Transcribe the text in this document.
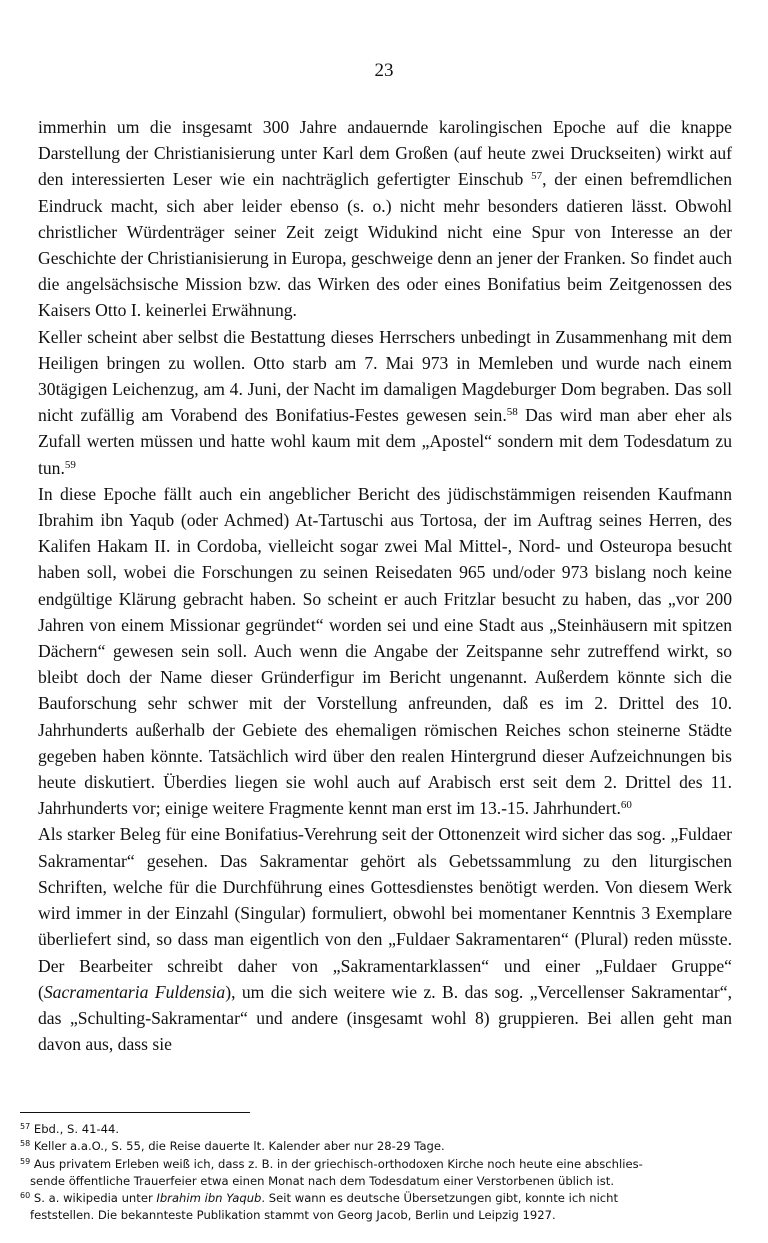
23

immerhin um die insgesamt 300 Jahre andauernde karolingischen Epoche auf die knappe Darstellung der Christianisierung unter Karl dem Großen (auf heute zwei Druckseiten) wirkt auf den interessierten Leser wie ein nachträglich gefertigter Einschub $^{57}$, der einen befremdlichen Eindruck macht, sich aber leider ebenso (s. o.) nicht mehr besonders datieren lässt. Obwohl christlicher Würdenträger seiner Zeit zeigt Widukind nicht eine Spur von Interesse an der Geschichte der Christianisierung in Europa, geschweige denn an jener der Franken. So findet auch die angelsächsische Mission bzw. das Wirken des oder eines Bonifatius beim Zeitgenossen des Kaisers Otto I. keinerlei Erwähnung.

Keller scheint aber selbst die Bestattung dieses Herrschers unbedingt in Zusammenhang mit dem Heiligen bringen zu wollen. Otto starb am 7. Mai 973 in Memleben und wurde nach einem 30tägigen Leichenzug, am 4. Juni, der Nacht im damaligen Magdeburger Dom begraben. Das soll nicht zufällig am Vorabend des Bonifatius-Festes gewesen sein.$^{58}$ Das wird man aber eher als Zufall werten müssen und hatte wohl kaum mit dem „Apostel“ sondern mit dem Todesdatum zu tun.$^{59}$

In diese Epoche fällt auch ein angeblicher Bericht des jüdischstämmigen reisenden Kaufmann Ibrahim ibn Yaqub (oder Achmed) At-Tartuschi aus Tortosa, der im Auftrag seines Herren, des Kalifen Hakam II. in Cordoba, vielleicht sogar zwei Mal Mittel-, Nord- und Osteuropa besucht haben soll, wobei die Forschungen zu seinen Reisedaten 965 und/oder 973 bislang noch keine endgültige Klärung gebracht haben. So scheint er auch Fritzlar besucht zu haben, das „vor 200 Jahren von einem Missionar gegründet“ worden sei und eine Stadt aus „Steinhäusern mit spitzen Dächern“ gewesen sein soll. Auch wenn die Angabe der Zeitspanne sehr zutreffend wirkt, so bleibt doch der Name dieser Gründerfigur im Bericht ungenannt. Außerdem könnte sich die Bauforschung sehr schwer mit der Vorstellung anfreunden, daß es im 2. Drittel des 10. Jahrhunderts außerhalb der Gebiete des ehemaligen römischen Reiches schon steinerne Städte gegeben haben könnte. Tatsächlich wird über den realen Hintergrund dieser Aufzeichnungen bis heute diskutiert. Überdies liegen sie wohl auch auf Arabisch erst seit dem 2. Drittel des 11. Jahrhunderts vor; einige weitere Fragmente kennt man erst im 13.-15. Jahrhundert.$^{60}$

Als starker Beleg für eine Bonifatius-Verehrung seit der Ottonenzeit wird sicher das sog. „Fuldaer Sakramentar“ gesehen. Das Sakramentar gehört als Gebetssammlung zu den liturgischen Schriften, welche für die Durchführung eines Gottesdienstes benötigt werden. Von diesem Werk wird immer in der Einzahl (Singular) formuliert, obwohl bei momentaner Kenntnis 3 Exemplare überliefert sind, so dass man eigentlich von den „Fuldaer Sakramentaren“ (Plural) reden müsste. Der Bearbeiter schreibt daher von „Sakramentarklassen“ und einer „Fuldaer Gruppe“ (Sacramentaria Fuldensia), um die sich weitere wie z. B. das sog. „Vercellenser Sakramentar“, das „Schulting-Sakramentar“ und andere (insgesamt wohl 8) gruppieren. Bei allen geht man davon aus, dass sie

$^{57}$ Ebd., S. 41-44.
$^{58}$ Keller a.a.O., S. 55, die Reise dauerte lt. Kalender aber nur 28-29 Tage.
$^{59}$ Aus privatem Erleben weiß ich, dass z. B. in der griechisch-orthodoxen Kirche noch heute eine abschlies-
sende öffentliche Trauerfeier etwa einen Monat nach dem Todesdatum einer Verstorbenen üblich ist.
$^{60}$ S. a. wikipedia unter Ibrahim ibn Yaqub. Seit wann es deutsche Übersetzungen gibt, konnte ich nicht
feststellen. Die bekannteste Publikation stammt von Georg Jacob, Berlin und Leipzig 1927.
